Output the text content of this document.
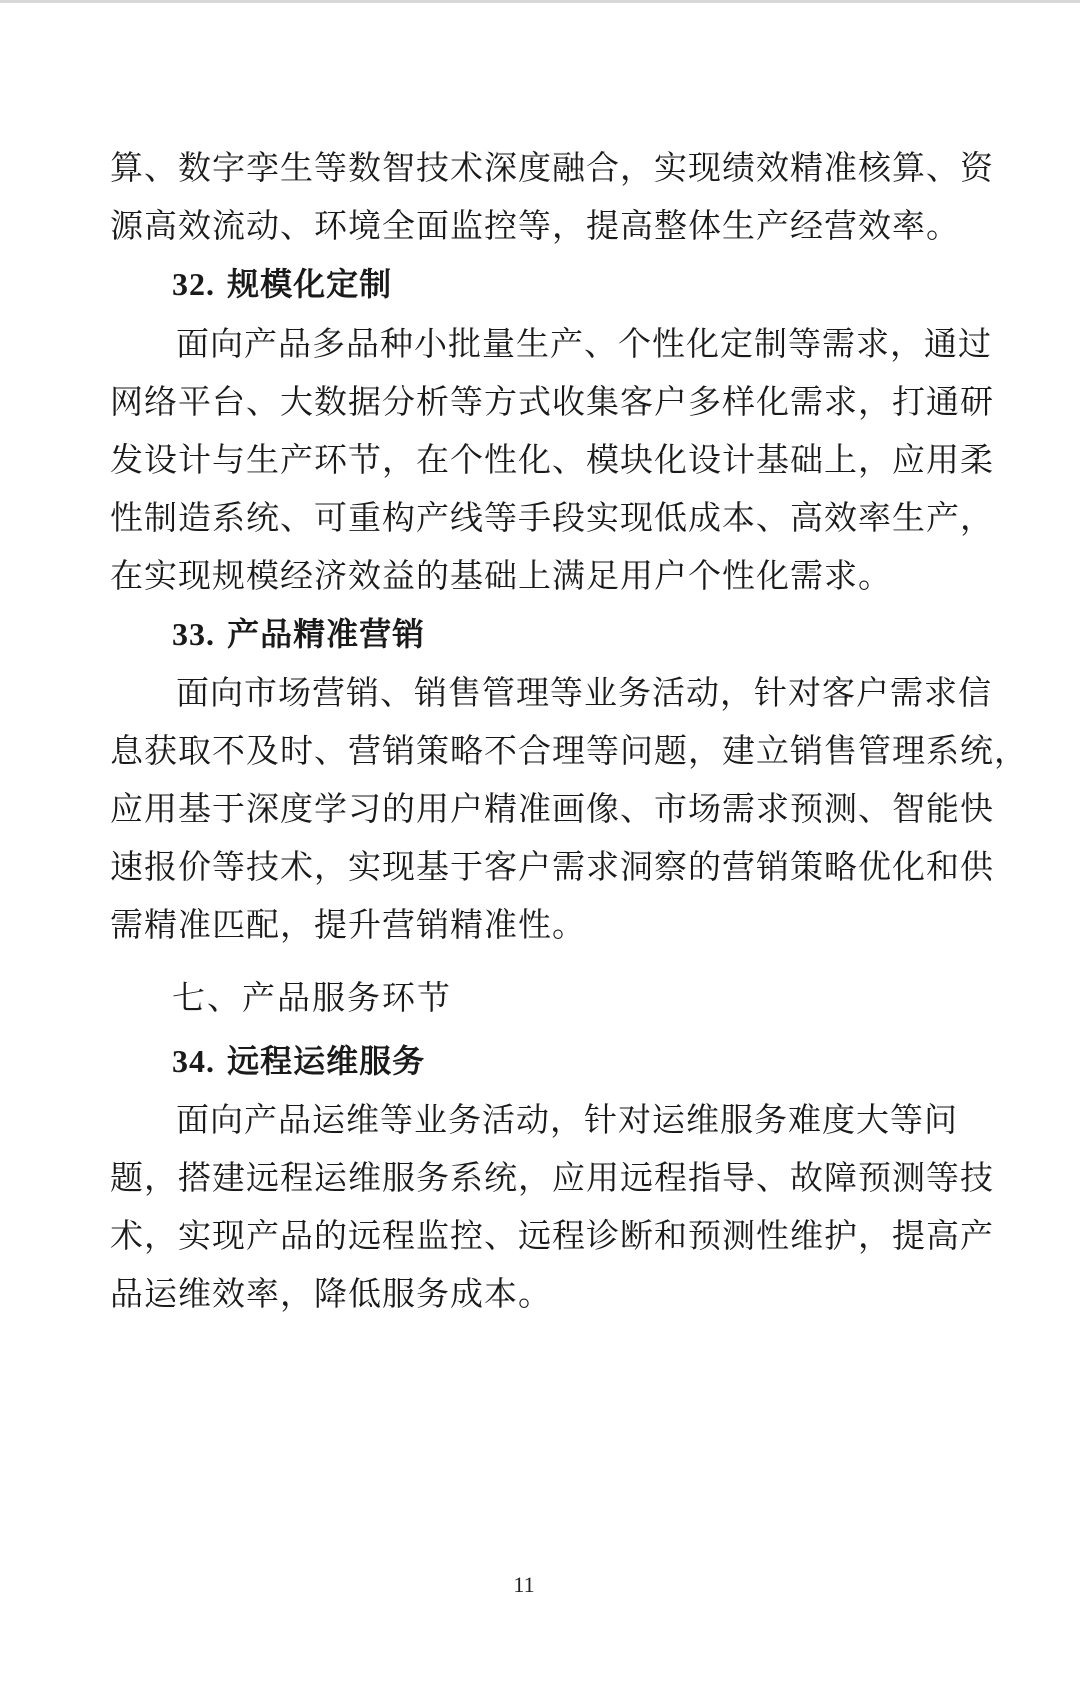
算、数字孪生等数智技术深度融合，实现绩效精准核算、资
源高效流动、环境全面监控等，提高整体生产经营效率。
32. 规模化定制
面向产品多品种小批量生产、个性化定制等需求，通过
网络平台、大数据分析等方式收集客户多样化需求，打通研
发设计与生产环节，在个性化、模块化设计基础上，应用柔
性制造系统、可重构产线等手段实现低成本、高效率生产，
在实现规模经济效益的基础上满足用户个性化需求。
33. 产品精准营销
面向市场营销、销售管理等业务活动，针对客户需求信
息获取不及时、营销策略不合理等问题，建立销售管理系统，
应用基于深度学习的用户精准画像、市场需求预测、智能快
速报价等技术，实现基于客户需求洞察的营销策略优化和供
需精准匹配，提升营销精准性。
七、产品服务环节
34. 远程运维服务
面向产品运维等业务活动，针对运维服务难度大等问
题，搭建远程运维服务系统，应用远程指导、故障预测等技
术，实现产品的远程监控、远程诊断和预测性维护，提高产
品运维效率，降低服务成本。
11
